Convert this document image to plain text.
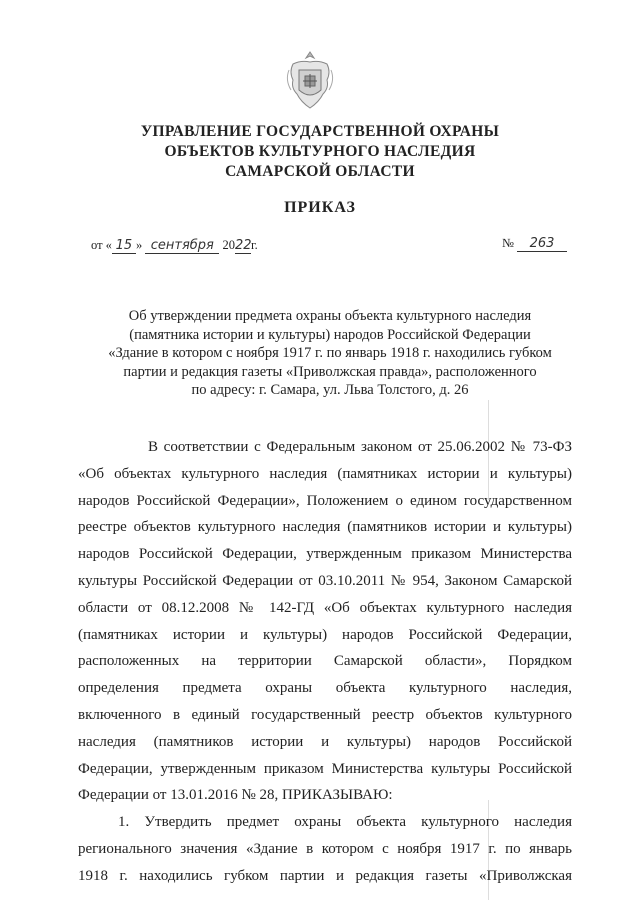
УПРАВЛЕНИЕ ГОСУДАРСТВЕННОЙ ОХРАНЫ
ОБЪЕКТОВ КУЛЬТУРНОГО НАСЛЕДИЯ
САМАРСКОЙ ОБЛАСТИ
ПРИКАЗ
от « 15 » сентября 2022г.	№ 263
Об утверждении предмета охраны объекта культурного наследия
(памятника истории и культуры) народов Российской Федерации
«Здание в котором с ноября 1917 г. по январь 1918 г. находились губком
партии и редакция газеты «Приволжская правда», расположенного
по адресу: г. Самара, ул. Льва Толстого, д. 26
В соответствии с Федеральным законом от 25.06.2002 № 73-ФЗ
«Об объектах культурного наследия (памятниках истории и культуры)
народов Российской Федерации», Положением о едином государственном
реестре объектов культурного наследия (памятников истории и культуры)
народов Российской Федерации, утвержденным приказом Министерства
культуры Российской Федерации от 03.10.2011 № 954, Законом Самарской
области от 08.12.2008 № 142-ГД «Об объектах культурного наследия
(памятниках истории и культуры) народов Российской Федерации,
расположенных на территории Самарской области», Порядком
определения предмета охраны объекта культурного наследия,
включенного в единый государственный реестр объектов культурного
наследия (памятников истории и культуры) народов Российской
Федерации, утвержденным приказом Министерства культуры Российской
Федерации от 13.01.2016 № 28, ПРИКАЗЫВАЮ:
1. Утвердить предмет охраны объекта культурного наследия
регионального значения «Здание в котором с ноября 1917 г. по январь
1918 г. находились губком партии и редакция газеты «Приволжская
